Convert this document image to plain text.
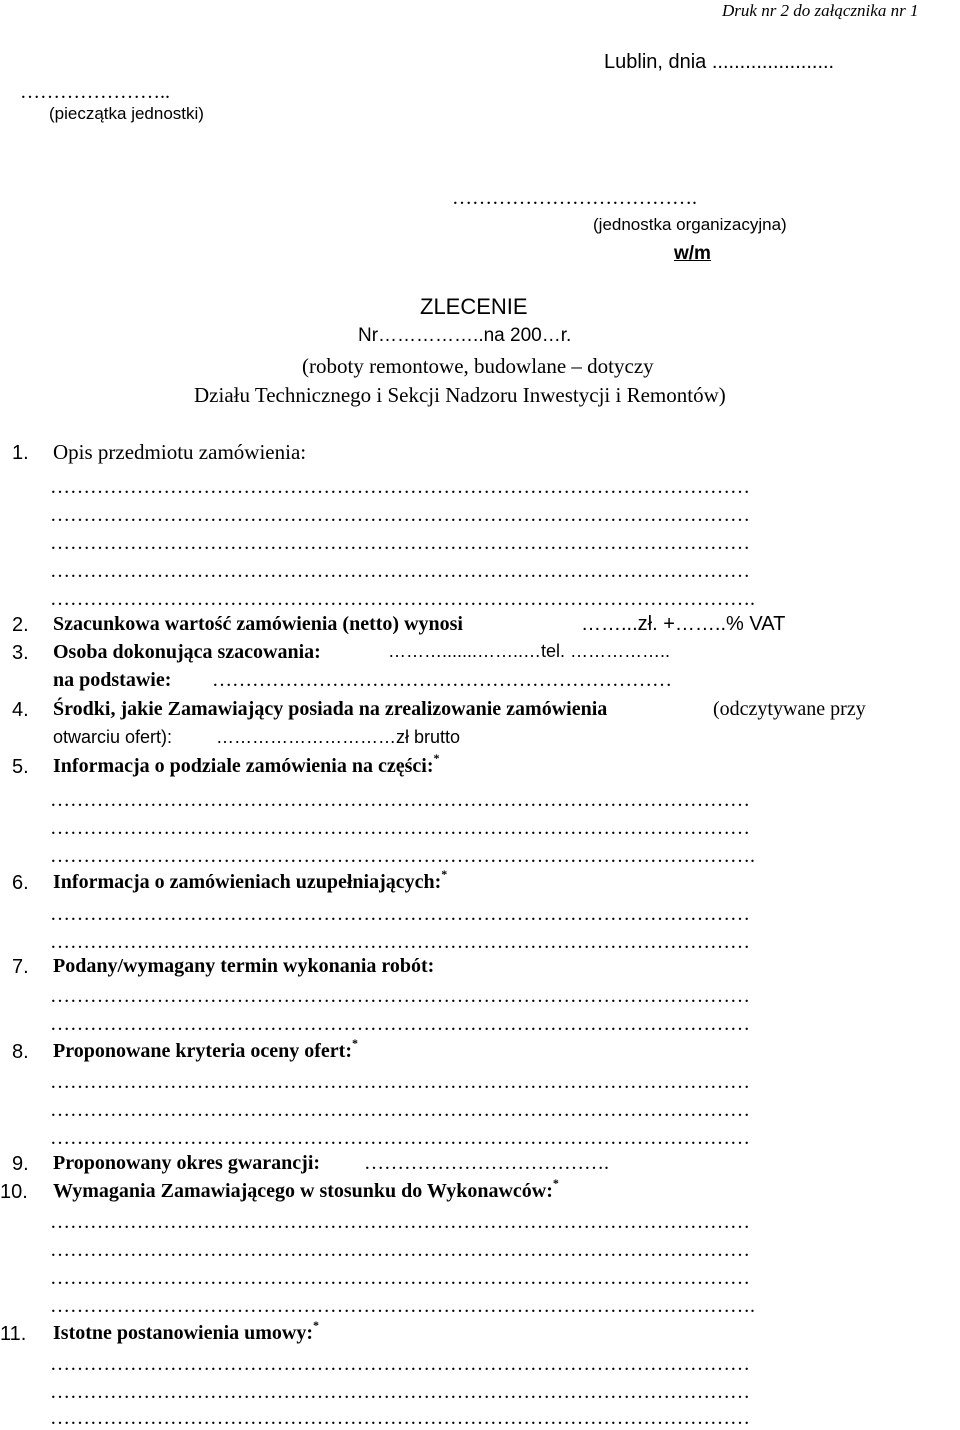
Druk nr 2 do załącznika nr 1
Lublin, dnia ......................
…………………..
(pieczątka jednostki)
……………………………….
(jednostka organizacyjna)
w/m
ZLECENIE
Nr……………..na 200…r.
(roboty remontowe, budowlane – dotyczy
Działu Technicznego i Sekcji Nadzoru Inwestycji i Remontów)
1. Opis przedmiotu zamówienia:
……………………………………………………………………………………………
……………………………………………………………………………………………
……………………………………………………………………………………………
……………………………………………………………………………………………
…………………………………………………………………………………………….
2. Szacunkowa wartość zamówienia (netto) wynosi	……...zł. +……..% VAT
3. Osoba dokonująca szacowania:	……….......……..…tel. ……………..
na podstawie: ……………………………………………………………
4. Środki, jakie Zamawiający posiada na zrealizowanie zamówienia	(odczytywane przy
otwarciu ofert): …………………………zł brutto
5. Informacja o podziale zamówienia na części:*
……………………………………………………………………………………………
……………………………………………………………………………………………
…………………………………………………………………………………………….
6. Informacja o zamówieniach uzupełniających:*
……………………………………………………………………………………………
……………………………………………………………………………………………
7. Podany/wymagany termin wykonania robót:
……………………………………………………………………………………………
……………………………………………………………………………………………
8. Proponowane kryteria oceny ofert:*
……………………………………………………………………………………………
……………………………………………………………………………………………
……………………………………………………………………………………………
9. Proponowany okres gwarancji: ……………………………….
10. Wymagania Zamawiającego w stosunku do Wykonawców:*
……………………………………………………………………………………………
……………………………………………………………………………………………
……………………………………………………………………………………………
…………………………………………………………………………………………….
11. Istotne postanowienia umowy:*
……………………………………………………………………………………………
……………………………………………………………………………………………
……………………………………………………………………………………………
